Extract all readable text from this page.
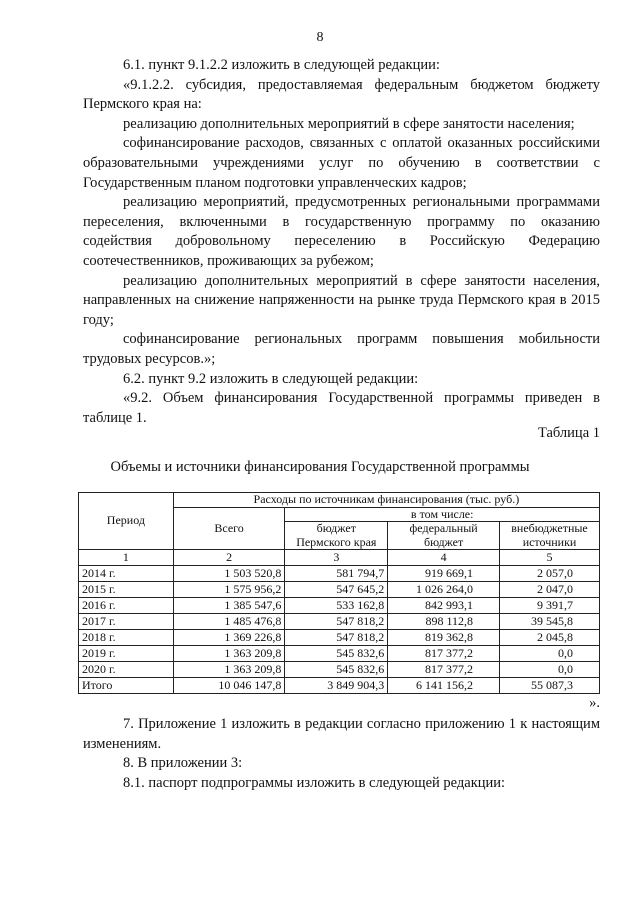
8

6.1. пункт 9.1.2.2 изложить в следующей редакции:

«9.1.2.2. субсидия, предоставляемая федеральным бюджетом бюджету Пермского края на:

реализацию дополнительных мероприятий в сфере занятости населения;

софинансирование расходов, связанных с оплатой оказанных российскими образовательными учреждениями услуг по обучению в соответствии с Государственным планом подготовки управленческих кадров;

реализацию мероприятий, предусмотренных региональными программами переселения, включенными в государственную программу по оказанию содействия добровольному переселению в Российскую Федерацию соотечественников, проживающих за рубежом;

реализацию дополнительных мероприятий в сфере занятости населения, направленных на снижение напряженности на рынке труда Пермского края в 2015 году;

софинансирование региональных программ повышения мобильности трудовых ресурсов.»;

6.2. пункт 9.2 изложить в следующей редакции:

«9.2. Объем финансирования Государственной программы приведен в таблице 1.

Таблица 1
Объемы и источники финансирования Государственной программы
Период	Расходы по источникам финансирования (тыс. руб.)			
	Всего	в том числе:		
		бюджет Пермского края	федеральный бюджет	внебюджетные источники
1	2	3	4	5
2014 г.	1 503 520,8	581 794,7	919 669,1	2 057,0
2015 г.	1 575 956,2	547 645,2	1 026 264,0	2 047,0
2016 г.	1 385 547,6	533 162,8	842 993,1	9 391,7
2017 г.	1 485 476,8	547 818,2	898 112,8	39 545,8
2018 г.	1 369 226,8	547 818,2	819 362,8	2 045,8
2019 г.	1 363 209,8	545 832,6	817 377,2	0,0
2020 г.	1 363 209,8	545 832,6	817 377,2	0,0
Итого	10 046 147,8	3 849 904,3	6 141 156,2	55 087,3
».

7. Приложение 1 изложить в редакции согласно приложению 1 к настоящим изменениям.

8. В приложении 3:

8.1. паспорт подпрограммы изложить в следующей редакции:
